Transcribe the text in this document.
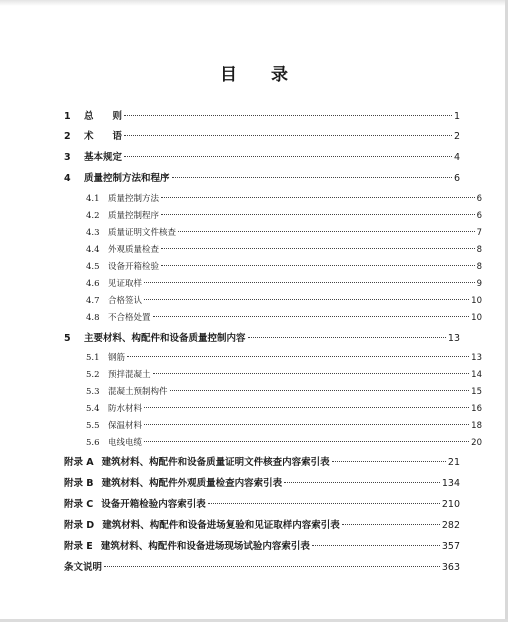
目 录
1	总　　则	1
2	术　　语	2
3	基本规定	4
4	质量控制方法和程序	6
4.1 质量控制方法	6
4.2 质量控制程序	6
4.3 质量证明文件核查	7
4.4 外观质量检查	8
4.5 设备开箱检验	8
4.6 见证取样	9
4.7 合格签认	10
4.8 不合格处置	10
5	主要材料、构配件和设备质量控制内容	13
5.1 钢筋	13
5.2 预拌混凝土	14
5.3 混凝土预制构件	15
5.4 防水材料	16
5.5 保温材料	18
5.6 电线电缆	20
附录 A 建筑材料、构配件和设备质量证明文件核查内容索引表	21
附录 B 建筑材料、构配件外观质量检查内容索引表	134
附录 C 设备开箱检验内容索引表	210
附录 D 建筑材料、构配件和设备进场复验和见证取样内容索引表	282
附录 E 建筑材料、构配件和设备进场现场试验内容索引表	357
条文说明	363
